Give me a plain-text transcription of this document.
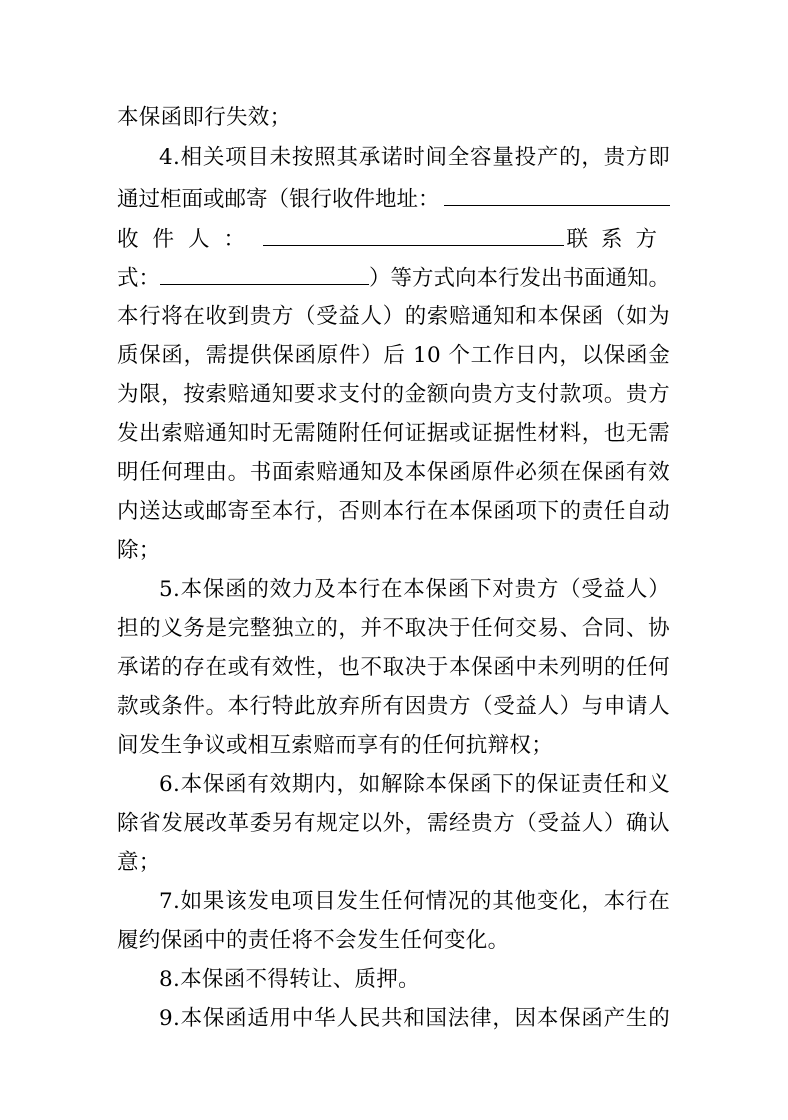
本保函即行失效；
4.相关项目未按照其承诺时间全容量投产的，贵方即
通过柜面或邮寄（银行收件地址：
收件人：	联系方
式：	）等方式向本行发出书面通知。
本行将在收到贵方（受益人）的索赔通知和本保函（如为
质保函，需提供保函原件）后 10 个工作日内，以保函金
为限，按索赔通知要求支付的金额向贵方支付款项。贵方
发出索赔通知时无需随附任何证据或证据性材料，也无需
明任何理由。书面索赔通知及本保函原件必须在保函有效
内送达或邮寄至本行，否则本行在本保函项下的责任自动
除；
5.本保函的效力及本行在本保函下对贵方（受益人）
担的义务是完整独立的，并不取决于任何交易、合同、协
承诺的存在或有效性，也不取决于本保函中未列明的任何
款或条件。本行特此放弃所有因贵方（受益人）与申请人
间发生争议或相互索赔而享有的任何抗辩权；
6.本保函有效期内，如解除本保函下的保证责任和义
除省发展改革委另有规定以外，需经贵方（受益人）确认
意；
7.如果该发电项目发生任何情况的其他变化，本行在
履约保函中的责任将不会发生任何变化。
8.本保函不得转让、质押。
9.本保函适用中华人民共和国法律，因本保函产生的
